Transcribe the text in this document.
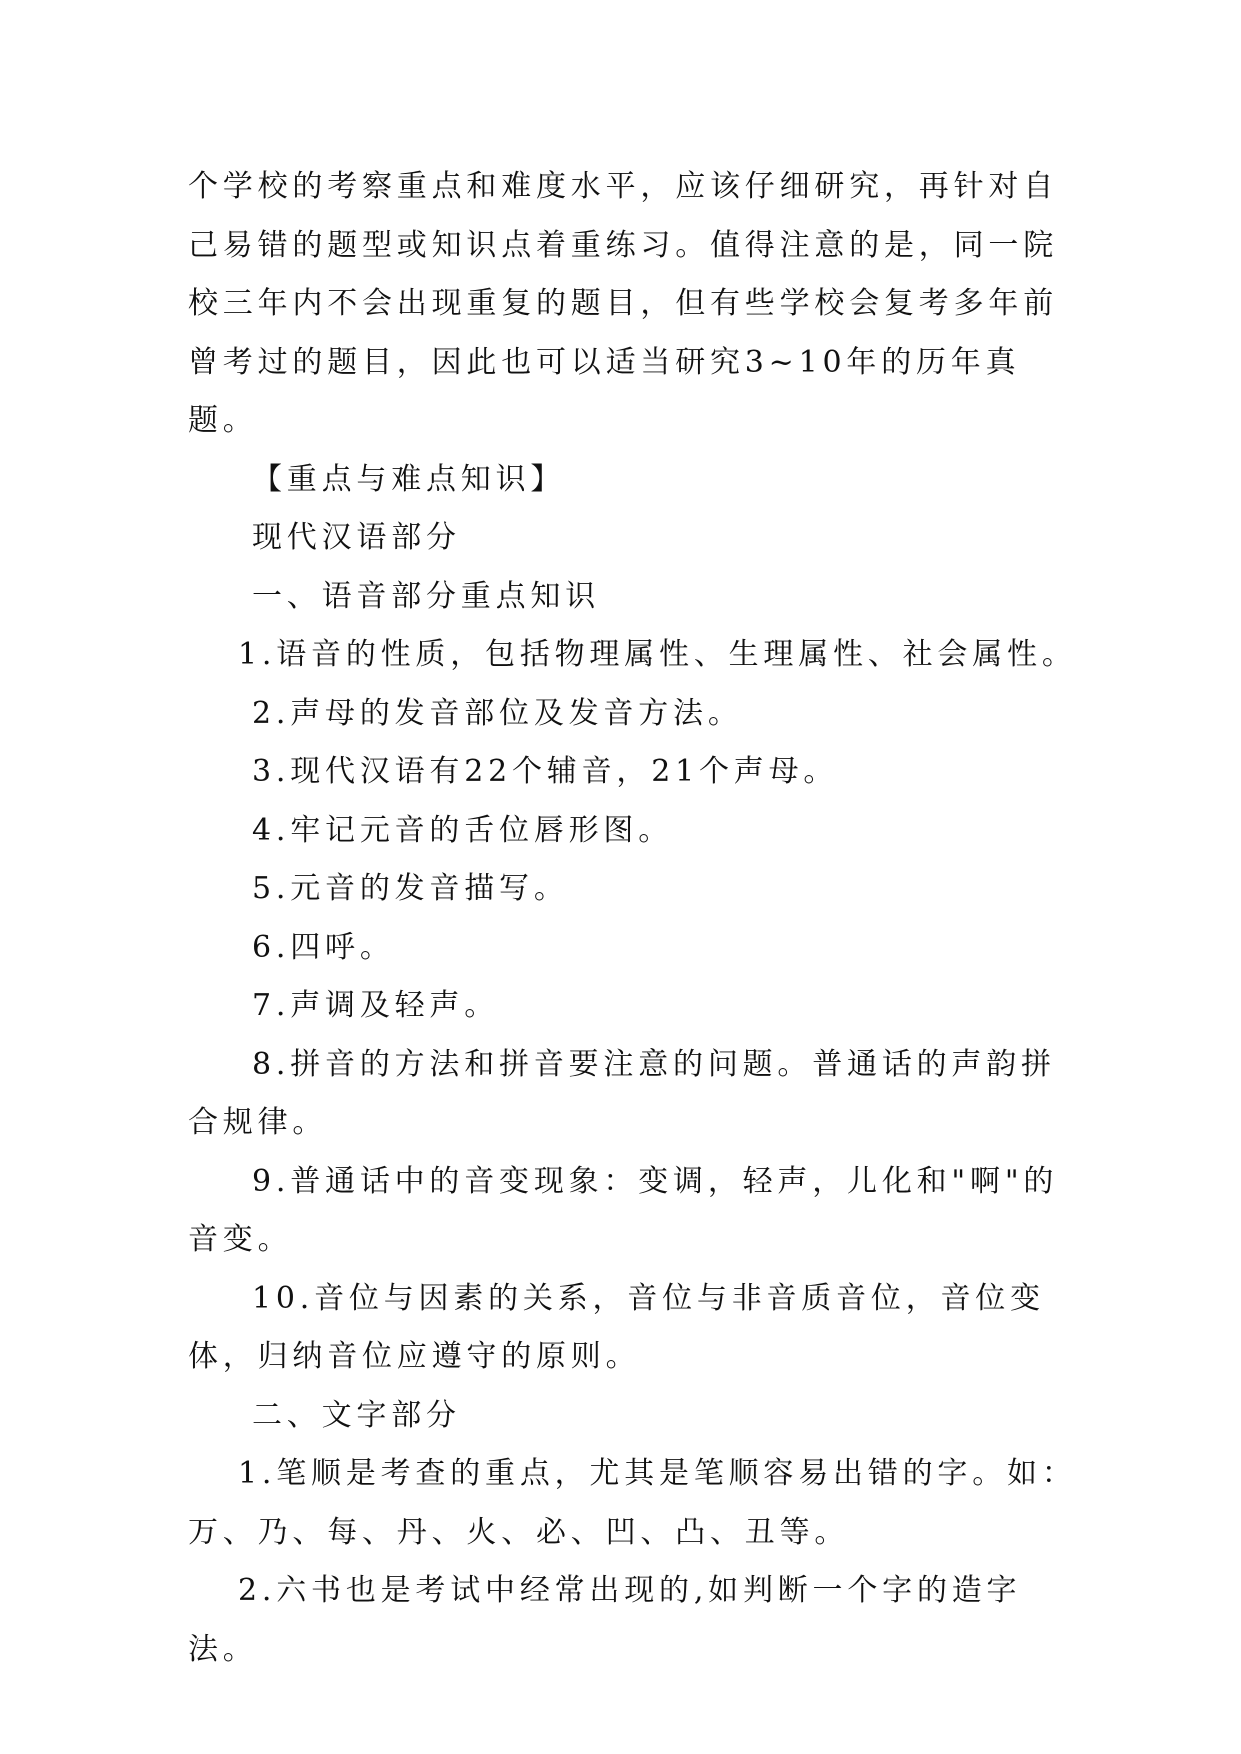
个学校的考察重点和难度水平，应该仔细研究，再针对自己易错的题型或知识点着重练习。值得注意的是，同一院校三年内不会出现重复的题目，但有些学校会复考多年前曾考过的题目，因此也可以适当研究3~10年的历年真题。

【重点与难点知识】

现代汉语部分

一、语音部分重点知识

1.语音的性质，包括物理属性、生理属性、社会属性。

2.声母的发音部位及发音方法。

3.现代汉语有22个辅音，21个声母。

4.牢记元音的舌位唇形图。

5.元音的发音描写。

6.四呼。

7.声调及轻声。

8.拼音的方法和拼音要注意的问题。普通话的声韵拼合规律。

9.普通话中的音变现象：变调，轻声，儿化和"啊"的音变。

10.音位与因素的关系，音位与非音质音位，音位变体，归纳音位应遵守的原则。

二、文字部分

1.笔顺是考查的重点，尤其是笔顺容易出错的字。如：万、乃、每、丹、火、必、凹、凸、丑等。

2.六书也是考试中经常出现的,如判断一个字的造字法。
